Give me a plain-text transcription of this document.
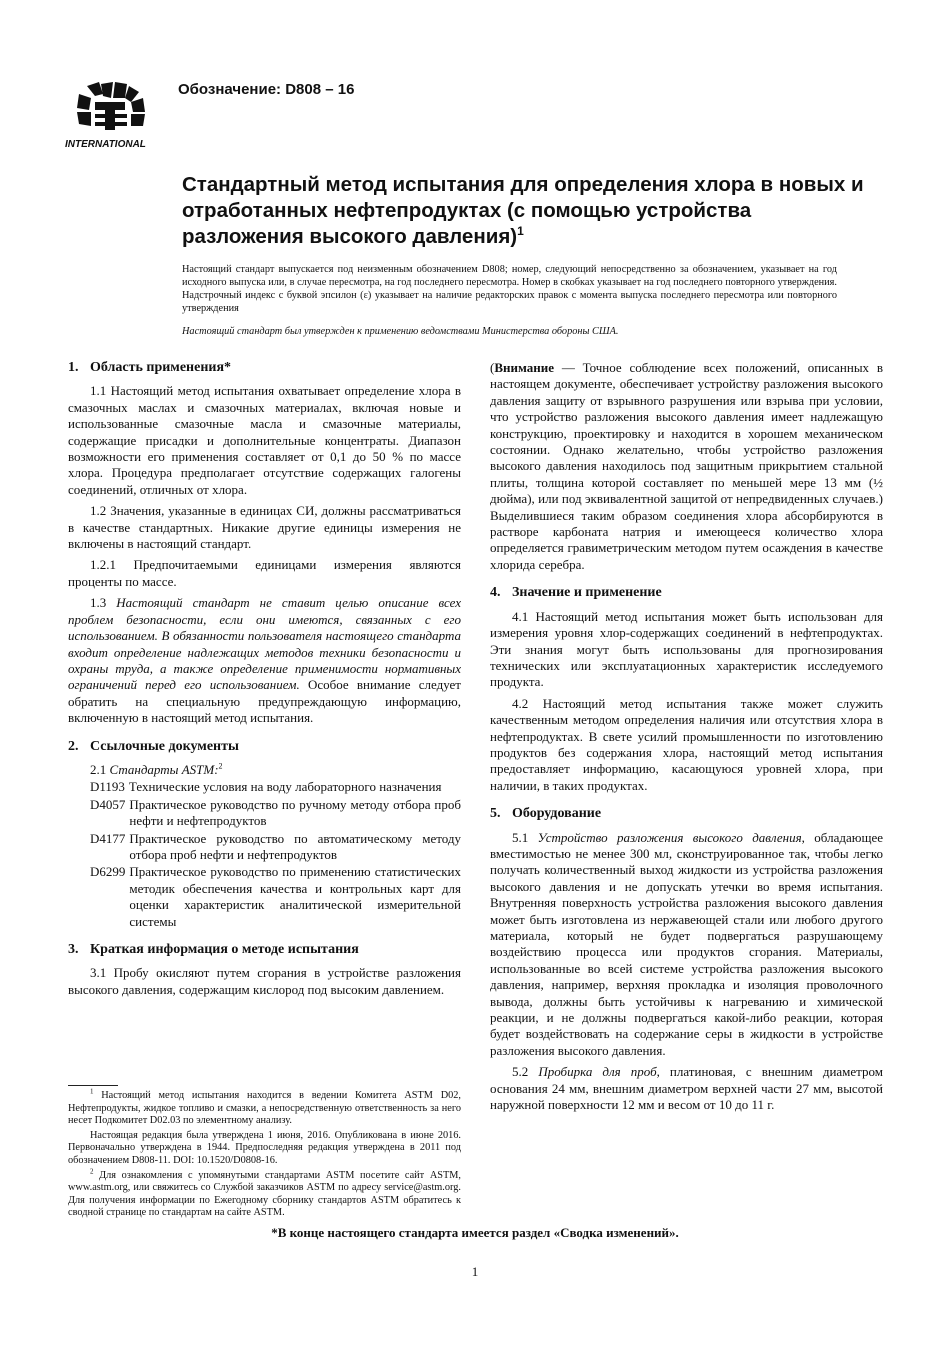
INTERNATIONAL
Обозначение: D808 – 16
Стандартный метод испытания для определения хлора в новых и отработанных нефтепродуктах (с помощью устройства разложения высокого давления)$^1$
Настоящий стандарт выпускается под неизменным обозначением D808; номер, следующий непосредственно за обозначением, указывает на год исходного выпуска или, в случае пересмотра, на год последнего пересмотра. Номер в скобках указывает на год последнего повторного утверждения. Надстрочный индекс с буквой эпсилон (ε) указывает на наличие редакторских правок с момента выпуска последнего пересмотра или повторного утверждения
Настоящий стандарт был утвержден к применению ведомствами Министерства обороны США.
1. Область применения*

1.1 Настоящий метод испытания охватывает определение хлора в смазочных маслах и смазочных материалах, включая новые и использованные смазочные масла и смазочные материалы, содержащие присадки и дополнительные концентраты. Диапазон возможности его применения составляет от 0,1 до 50 % по массе хлора. Процедура предполагает отсутствие содержащих галогены соединений, отличных от хлора.

1.2 Значения, указанные в единицах СИ, должны рассматриваться в качестве стандартных. Никакие другие единицы измерения не включены в настоящий стандарт.

1.2.1 Предпочитаемыми единицами измерения являются проценты по массе.

1.3 Настоящий стандарт не ставит целью описание всех проблем безопасности, если они имеются, связанных с его использованием. В обязанности пользователя настоящего стандарта входит определение надлежащих методов техники безопасности и охраны труда, а также определение применимости нормативных ограничений перед его использованием. Особое внимание следует обратить на специальную предупреждающую информацию, включенную в настоящий метод испытания.

2. Ссылочные документы

2.1 Стандарты ASTM:$^2$

D1193 Технические условия на воду лабораторного назначения
D4057 Практическое руководство по ручному методу отбора проб нефти и нефтепродуктов
D4177 Практическое руководство по автоматическому методу отбора проб нефти и нефтепродуктов
D6299 Практическое руководство по применению статистических методик обеспечения качества и контрольных карт для оценки характеристик аналитической измерительной системы
3. Краткая информация о методе испытания

3.1 Пробу окисляют путем сгорания в устройстве разложения высокого давления, содержащим кислород под высоким давлением.

(Внимание — Точное соблюдение всех положений, описанных в настоящем документе, обеспечивает устройству разложения высокого давления защиту от взрывного разрушения или взрыва при условии, что устройство разложения высокого давления имеет надлежащую конструкцию, проектировку и находится в хорошем механическом состоянии. Однако желательно, чтобы устройство разложения высокого давления находилось под защитным прикрытием стальной плиты, толщина которой составляет по меньшей мере 13 мм (½ дюйма), или под эквивалентной защитой от непредвиденных случаев.) Выделившиеся таким образом соединения хлора абсорбируются в растворе карбоната натрия и имеющееся количество хлора определяется гравиметрическим методом путем осаждения в качестве хлорида серебра.

4. Значение и применение

4.1 Настоящий метод испытания может быть использован для измерения уровня хлор-содержащих соединений в нефтепродуктах. Эти знания могут быть использованы для прогнозирования технических или эксплуатационных характеристик исследуемого продукта.

4.2 Настоящий метод испытания также может служить качественным методом определения наличия или отсутствия хлора в нефтепродуктах. В свете усилий промышленности по изготовлению продуктов без содержания хлора, настоящий метод испытания предоставляет информацию, касающуюся уровней хлора, при наличии, в таких продуктах.

5. Оборудование

5.1 Устройство разложения высокого давления, обладающее вместимостью не менее 300 мл, сконструированное так, чтобы легко получать количественный выход жидкости из устройства разложения высокого давления и не допускать утечки во время испытания. Внутренняя поверхность устройства разложения высокого давления может быть изготовлена из нержавеющей стали или любого другого материала, который не будет подвергаться разрушающему воздействию процесса или продуктов сгорания. Материалы, использованные во всей системе устройства разложения высокого давления, например, верхняя прокладка и изоляция проволочного вывода, должны быть устойчивы к нагреванию и химической реакции, и не должны подвергаться какой-либо реакции, которая будет воздействовать на содержание серы в жидкости в устройстве разложения высокого давления.

5.2 Пробирка для проб, платиновая, с внешним диаметром основания 24 мм, внешним диаметром верхней части 27 мм, высотой наружной поверхности 12 мм и весом от 10 до 11 г.

$^1$ Настоящий метод испытания находится в ведении Комитета ASTM D02, Нефтепродукты, жидкое топливо и смазки, а непосредственную ответственность за него несет Подкомитет D02.03 по элементному анализу.

Настоящая редакция была утверждена 1 июня, 2016. Опубликована в июне 2016. Первоначально утверждена в 1944. Предпоследняя редакция утверждена в 2011 под обозначением D808-11. DOI: 10.1520/D0808-16.

$^2$ Для ознакомления с упомянутыми стандартами ASTM посетите сайт ASTM, www.astm.org, или свяжитесь со Службой заказчиков ASTM по адресу service@astm.org. Для получения информации по Ежегодному сборнику стандартов ASTM обратитесь к сводной странице по стандартам на сайте ASTM.

*В конце настоящего стандарта имеется раздел «Сводка изменений».
1
